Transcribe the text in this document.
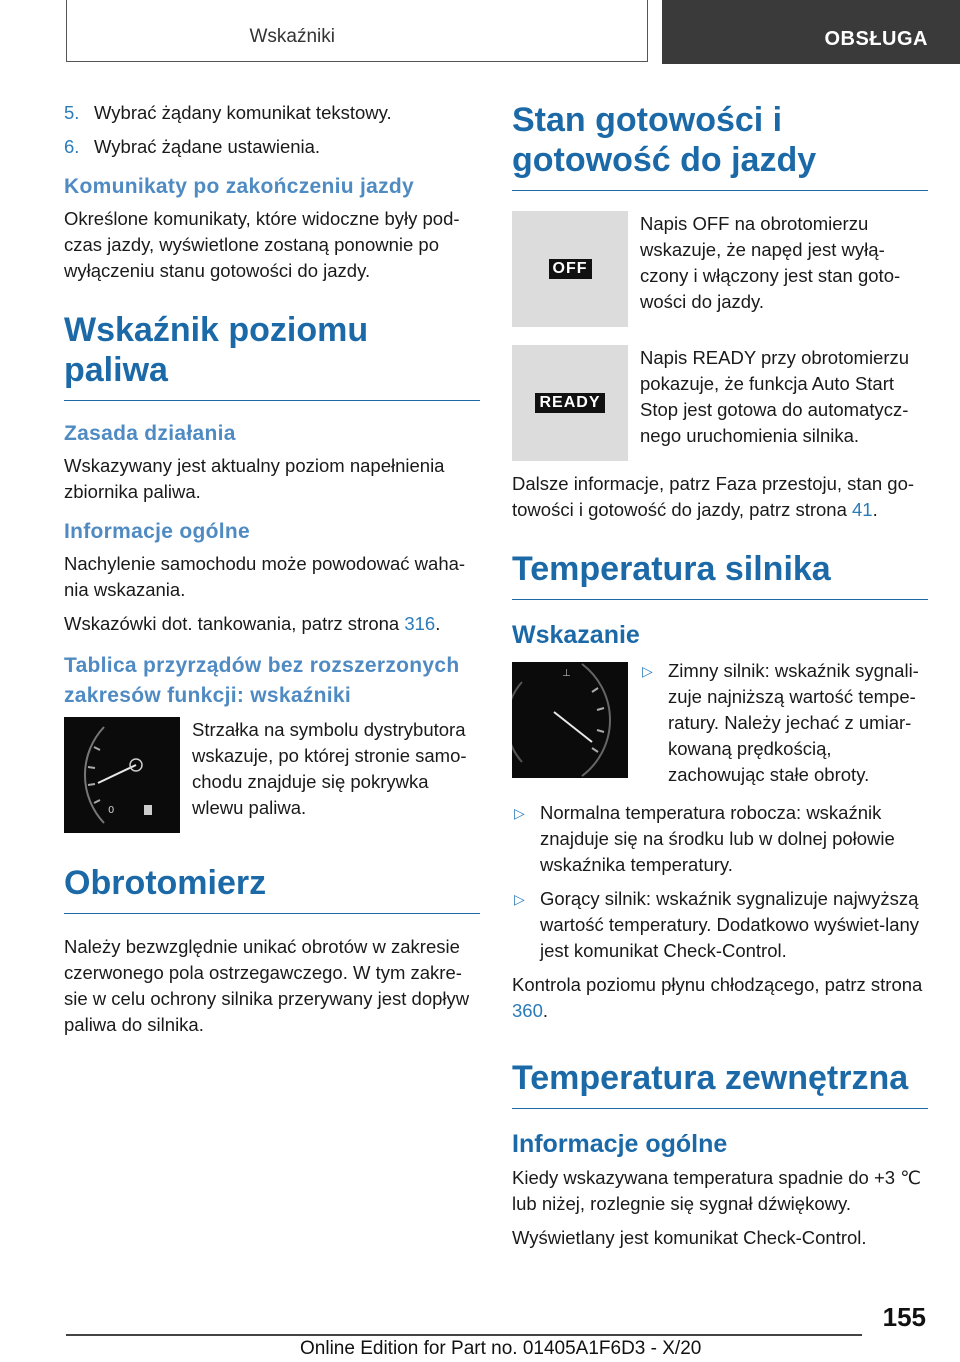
Wskaźniki	OBSŁUGA
5. Wybrać żądany komunikat tekstowy.
6. Wybrać żądane ustawienia.
Komunikaty po zakończeniu jazdy

Określone komunikaty, które widoczne były pod-czas jazdy, wyświetlone zostaną ponownie po wyłączeniu stanu gotowości do jazdy.

Wskaźnik poziomu paliwa
Zasada działania

Wskazywany jest aktualny poziom napełnienia zbiornika paliwa.

Informacje ogólne

Nachylenie samochodu może powodować waha-nia wskazania.

Wskazówki dot. tankowania, patrz strona 316.

Tablica przyrządów bez rozszerzonych zakresów funkcji: wskaźniki
0

Strzałka na symbolu dystrybutora wskazuje, po której stronie samo-chodu znajduje się pokrywka wlewu paliwa.

Obrotomierz

Należy bezwzględnie unikać obrotów w zakresie czerwonego pola ostrzegawczego. W tym zakre-sie w celu ochrony silnika przerywany jest dopływ paliwa do silnika.

Stan gotowości i gotowość do jazdy
OFF

Napis OFF na obrotomierzu wskazuje, że napęd jest wyłą-czony i włączony jest stan goto-wości do jazdy.

READY

Napis READY przy obrotomierzu pokazuje, że funkcja Auto Start Stop jest gotowa do automatycz-nego uruchomienia silnika.

Dalsze informacje, patrz Faza przestoju, stan go-towości i gotowość do jazdy, patrz strona 41.

Temperatura silnika
Wskazanie
⊥	▷ Zimny silnik: wskaźnik sygnali-zuje najniższą wartość tempe-ratury. Należy jechać z umiar-kowaną prędkością, zachowując stałe obroty.
▷ Normalna temperatura robocza: wskaźnik znajduje się na środku lub w dolnej połowie wskaźnika temperatury.
▷ Gorący silnik: wskaźnik sygnalizuje najwyższą wartość temperatury. Dodatkowo wyświet-lany jest komunikat Check-Control.

Kontrola poziomu płynu chłodzącego, patrz strona 360.

Temperatura zewnętrzna
Informacje ogólne

Kiedy wskazywana temperatura spadnie do +3 ℃ lub niżej, rozlegnie się sygnał dźwiękowy.

Wyświetlany jest komunikat Check-Control.

155
Online Edition for Part no. 01405A1F6D3 - X/20
